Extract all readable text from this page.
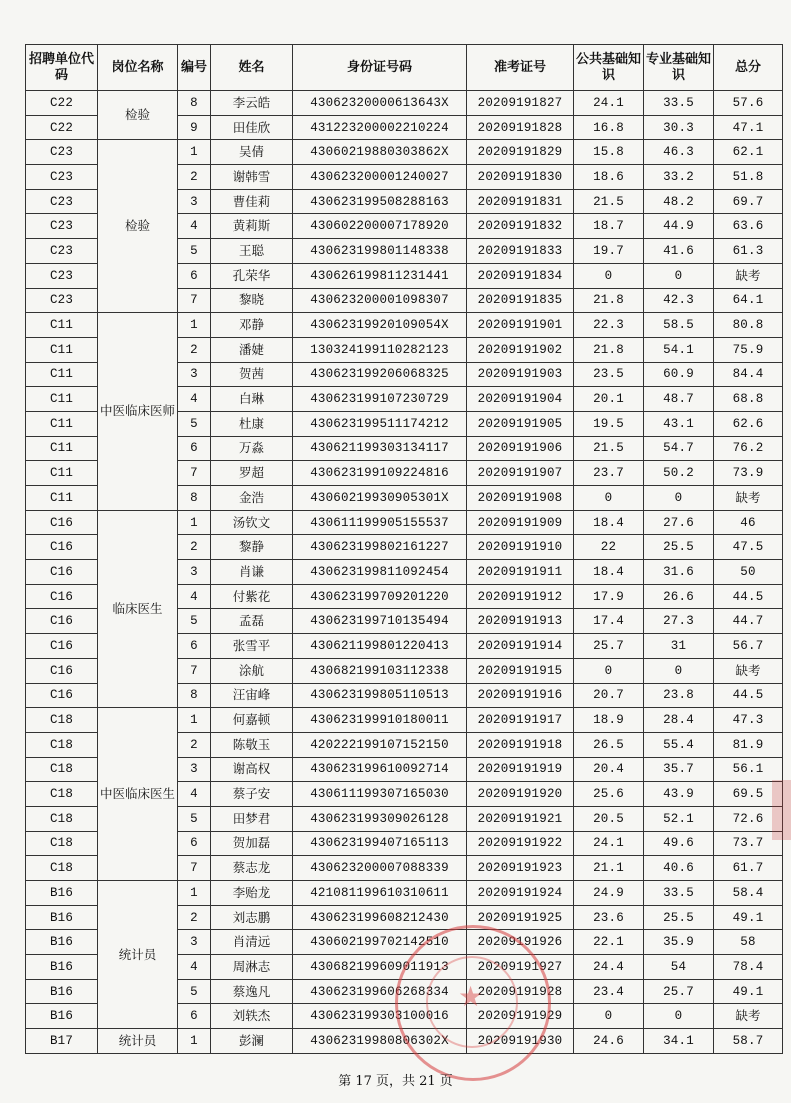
招聘单位代码	岗位名称	编号	姓名	身份证号码	准考证号	公共基础知识	专业基础知识	总分
C22	检验	8	李云皓	43062320000613643X	20209191827	24.1	33.5	57.6
C22		9	田佳欣	431223200002210224	20209191828	16.8	30.3	47.1
C23	检验	1	吴倩	43060219880303862X	20209191829	15.8	46.3	62.1
C23		2	谢韩雪	430623200001240027	20209191830	18.6	33.2	51.8
C23		3	曹佳莉	430623199508288163	20209191831	21.5	48.2	69.7
C23		4	黄莉斯	430602200007178920	20209191832	18.7	44.9	63.6
C23		5	王聪	430623199801148338	20209191833	19.7	41.6	61.3
C23		6	孔荣华	430626199811231441	20209191834	0	0	缺考
C23		7	黎晓	430623200001098307	20209191835	21.8	42.3	64.1
C11	中医临床医师	1	邓静	43062319920109054X	20209191901	22.3	58.5	80.8
C11		2	潘婕	130324199110282123	20209191902	21.8	54.1	75.9
C11		3	贺茜	430623199206068325	20209191903	23.5	60.9	84.4
C11		4	白琳	430623199107230729	20209191904	20.1	48.7	68.8
C11		5	杜康	430623199511174212	20209191905	19.5	43.1	62.6
C11		6	万淼	430621199303134117	20209191906	21.5	54.7	76.2
C11		7	罗超	430623199109224816	20209191907	23.7	50.2	73.9
C11		8	金浩	43060219930905301X	20209191908	0	0	缺考
C16	临床医生	1	汤钦文	430611199905155537	20209191909	18.4	27.6	46
C16		2	黎静	430623199802161227	20209191910	22	25.5	47.5
C16		3	肖谦	430623199811092454	20209191911	18.4	31.6	50
C16		4	付紫花	430623199709201220	20209191912	17.9	26.6	44.5
C16		5	孟磊	430623199710135494	20209191913	17.4	27.3	44.7
C16		6	张雪平	430621199801220413	20209191914	25.7	31	56.7
C16		7	涂航	430682199103112338	20209191915	0	0	缺考
C16		8	汪宙峰	430623199805110513	20209191916	20.7	23.8	44.5
C18	中医临床医生	1	何嘉顿	430623199910180011	20209191917	18.9	28.4	47.3
C18		2	陈敬玉	420222199107152150	20209191918	26.5	55.4	81.9
C18		3	谢高权	430623199610092714	20209191919	20.4	35.7	56.1
C18		4	蔡子安	430611199307165030	20209191920	25.6	43.9	69.5
C18		5	田梦君	430623199309026128	20209191921	20.5	52.1	72.6
C18		6	贺加磊	430623199407165113	20209191922	24.1	49.6	73.7
C18		7	蔡志龙	430623200007088339	20209191923	21.1	40.6	61.7
B16	统计员	1	李贻龙	421081199610310611	20209191924	24.9	33.5	58.4
B16		2	刘志鹏	430623199608212430	20209191925	23.6	25.5	49.1
B16		3	肖清远	430602199702142510	20209191926	22.1	35.9	58
B16		4	周淋志	430682199609011913	20209191927	24.4	54	78.4
B16		5	蔡逸凡	430623199606268334	20209191928	23.4	25.7	49.1
B16		6	刘轶杰	430623199303100016	20209191929	0	0	缺考
B17	统计员	1	彭澜	43062319980806302X	20209191930	24.6	34.1	58.7
★
第 17 页，共 21 页
